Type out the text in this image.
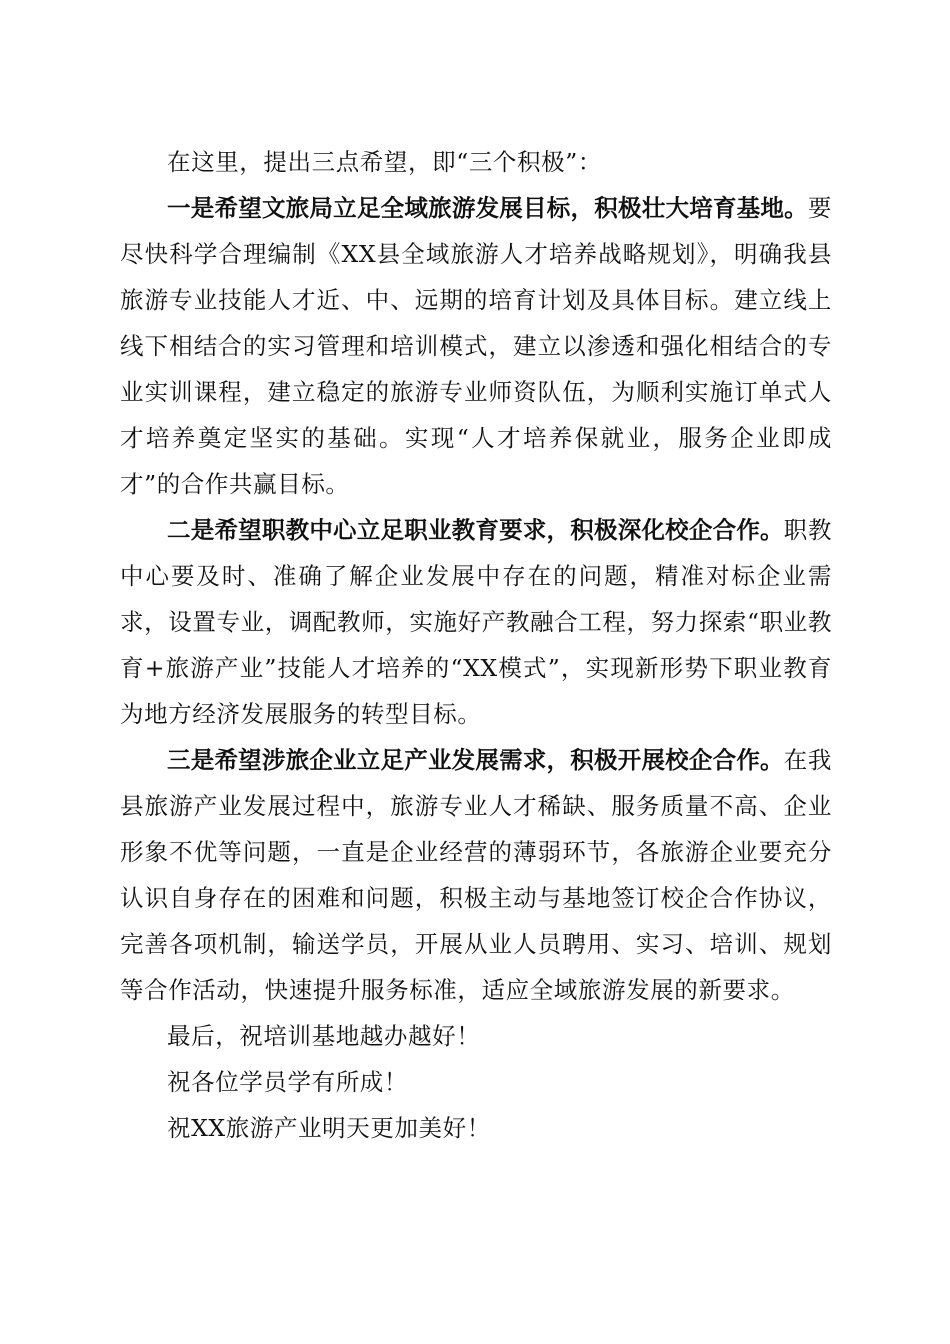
在这里，提出三点希望，即“三个积极”：

一是希望文旅局立足全域旅游发展目标，积极壮大培育基地。要尽快科学合理编制《XX县全域旅游人才培养战略规划》，明确我县旅游专业技能人才近、中、远期的培育计划及具体目标。建立线上线下相结合的实习管理和培训模式，建立以渗透和强化相结合的专业实训课程，建立稳定的旅游专业师资队伍，为顺利实施订单式人才培养奠定坚实的基础。实现“人才培养保就业，服务企业即成才”的合作共赢目标。

二是希望职教中心立足职业教育要求，积极深化校企合作。职教中心要及时、准确了解企业发展中存在的问题，精准对标企业需求，设置专业，调配教师，实施好产教融合工程，努力探索“职业教育+旅游产业”技能人才培养的“XX模式”，实现新形势下职业教育为地方经济发展服务的转型目标。

三是希望涉旅企业立足产业发展需求，积极开展校企合作。在我县旅游产业发展过程中，旅游专业人才稀缺、服务质量不高、企业形象不优等问题，一直是企业经营的薄弱环节，各旅游企业要充分认识自身存在的困难和问题，积极主动与基地签订校企合作协议，完善各项机制，输送学员，开展从业人员聘用、实习、培训、规划等合作活动，快速提升服务标准，适应全域旅游发展的新要求。

最后，祝培训基地越办越好！

祝各位学员学有所成！

祝XX旅游产业明天更加美好！
